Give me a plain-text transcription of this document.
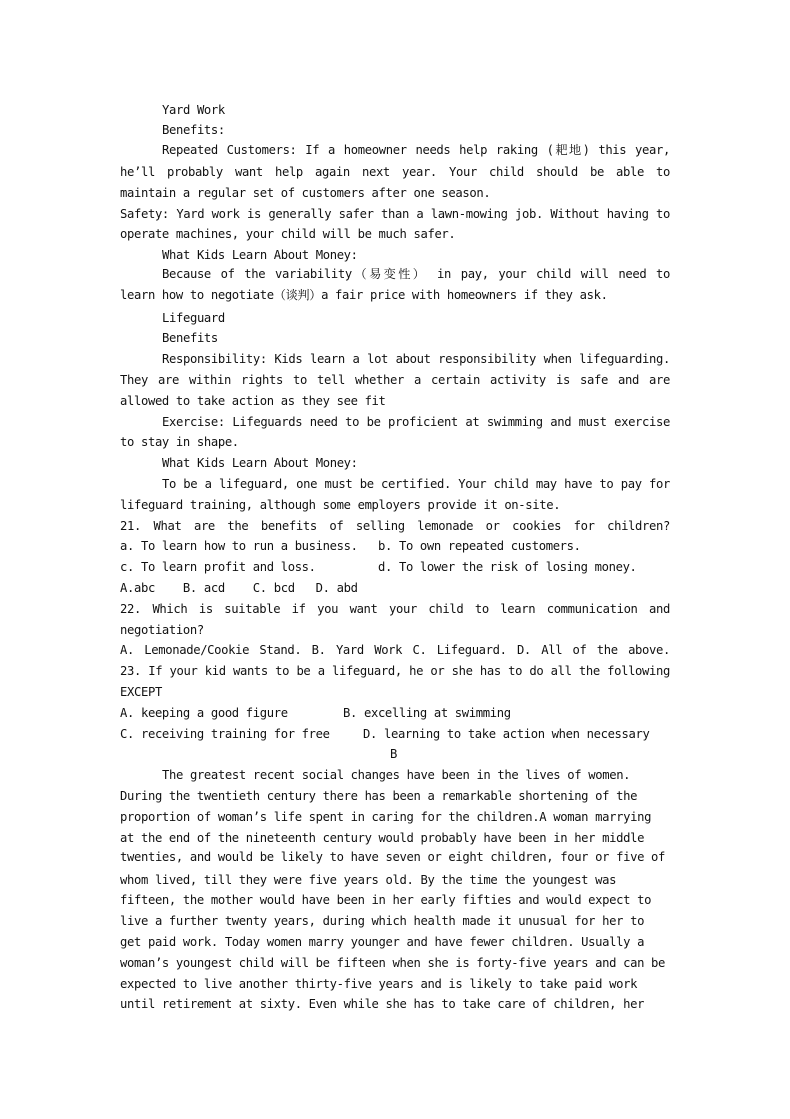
Yard Work
Benefits:
Repeated Customers: If a homeowner needs help raking (耙地) this year,
he’ll probably want help again next year. Your child should be able to
maintain a regular set of customers after one season.
Safety: Yard work is generally safer than a lawn-mowing job. Without having to
operate machines, your child will be much safer.
What Kids Learn About Money:
Because of the variability（易变性） in pay, your child will need to
learn how to negotiate（谈判）a fair price with homeowners if they ask.
Lifeguard
Benefits
Responsibility: Kids learn a lot about responsibility when lifeguarding.
They are within rights to tell whether a certain activity is safe and are
allowed to take action as they see fit
Exercise: Lifeguards need to be proficient at swimming and must exercise
to stay in shape.
What Kids Learn About Money:
To be a lifeguard, one must be certified. Your child may have to pay for
lifeguard training, although some employers provide it on-site.
21. What are the benefits of selling lemonade or cookies for children?
a. To learn how to run a business. b. To own repeated customers.
c. To learn profit and loss.	d. To lower the risk of losing money.
A.abc    B. acd    C. bcd   D. abd
22. Which is suitable if you want your child to learn communication and
negotiation?
A. Lemonade/Cookie Stand. B. Yard Work C. Lifeguard. D. All of the above.
23. If your kid wants to be a lifeguard, he or she has to do all the following
EXCEPT
A. keeping a good figure	B. excelling at swimming
C. receiving training for free	D. learning to take action when necessary
B
The greatest recent social changes have been in the lives of women.
During the twentieth century there has been a remarkable shortening of the
proportion of woman’s life spent in caring for the children.A woman marrying
at the end of the nineteenth century would probably have been in her middle
twenties, and would be likely to have seven or eight children, four or five of
whom lived, till they were five years old. By the time the youngest was
fifteen, the mother would have been in her early fifties and would expect to
live a further twenty years, during which health made it unusual for her to
get paid work. Today women marry younger and have fewer children. Usually a
woman’s youngest child will be fifteen when she is forty-five years and can be
expected to live another thirty-five years and is likely to take paid work
until retirement at sixty. Even while she has to take care of children, her
